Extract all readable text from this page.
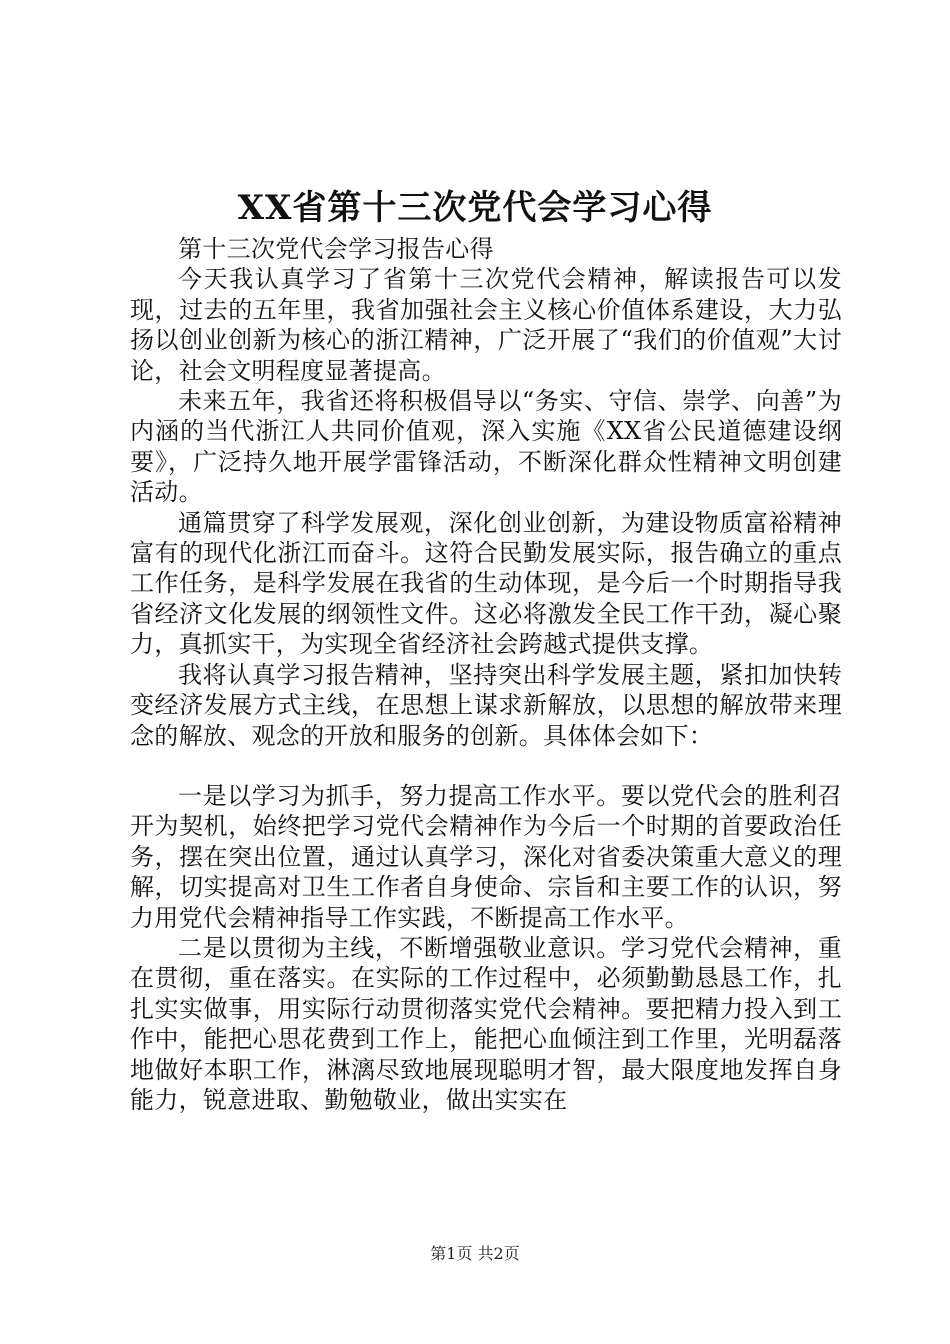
XX省第十三次党代会学习心得

第十三次党代会学习报告心得

今天我认真学习了省第十三次党代会精神，解读报告可以发现，过去的五年里，我省加强社会主义核心价值体系建设，大力弘扬以创业创新为核心的浙江精神，广泛开展了“我们的价值观”大讨论，社会文明程度显著提高。

未来五年，我省还将积极倡导以“务实、守信、崇学、向善”为内涵的当代浙江人共同价值观，深入实施《XX省公民道德建设纲要》，广泛持久地开展学雷锋活动，不断深化群众性精神文明创建活动。

通篇贯穿了科学发展观，深化创业创新，为建设物质富裕精神富有的现代化浙江而奋斗。这符合民勤发展实际，报告确立的重点工作任务，是科学发展在我省的生动体现，是今后一个时期指导我省经济文化发展的纲领性文件。这必将激发全民工作干劲，凝心聚力，真抓实干，为实现全省经济社会跨越式提供支撑。

我将认真学习报告精神，坚持突出科学发展主题，紧扣加快转变经济发展方式主线，在思想上谋求新解放，以思想的解放带来理念的解放、观念的开放和服务的创新。具体体会如下：

一是以学习为抓手，努力提高工作水平。要以党代会的胜利召开为契机，始终把学习党代会精神作为今后一个时期的首要政治任务，摆在突出位置，通过认真学习，深化对省委决策重大意义的理解，切实提高对卫生工作者自身使命、宗旨和主要工作的认识，努力用党代会精神指导工作实践，不断提高工作水平。

二是以贯彻为主线，不断增强敬业意识。学习党代会精神，重在贯彻，重在落实。在实际的工作过程中，必须勤勤恳恳工作，扎扎实实做事，用实际行动贯彻落实党代会精神。要把精力投入到工作中，能把心思花费到工作上，能把心血倾注到工作里，光明磊落地做好本职工作，淋漓尽致地展现聪明才智，最大限度地发挥自身能力，锐意进取、勤勉敬业，做出实实在

第1页 共2页
